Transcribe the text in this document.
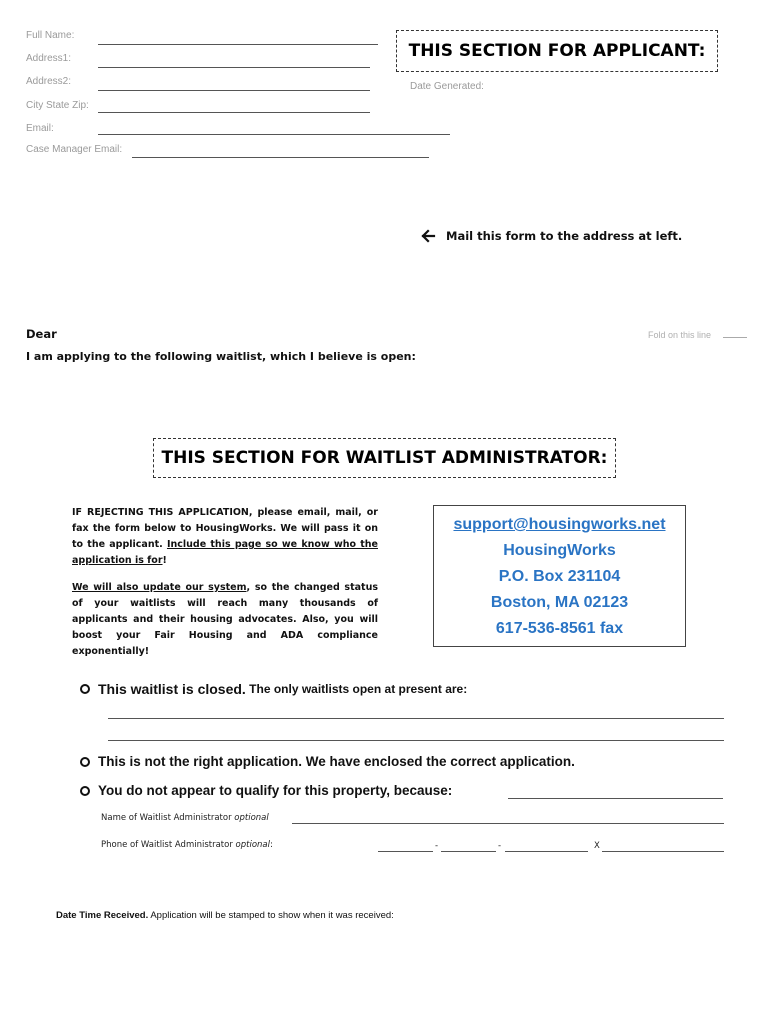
Full Name:
Address1:
Address2:
City State Zip:
Email:
Case Manager Email:
THIS SECTION FOR APPLICANT:
Date Generated:
Mail this form to the address at left.
Fold on this line
Dear
I am applying to the following waitlist, which I believe is open:
THIS SECTION FOR WAITLIST ADMINISTRATOR:
IF REJECTING THIS APPLICATION, please email, mail, or fax the form below to HousingWorks. We will pass it on to the applicant. Include this page so we know who the application is for!
We will also update our system, so the changed status of your waitlists will reach many thousands of applicants and their housing advocates. Also, you will boost your Fair Housing and ADA compliance exponentially!
support@housingworks.net
HousingWorks
P.O. Box 231104
Boston, MA 02123
617-536-8561 fax
This waitlist is closed. The only waitlists open at present are:
This is not the right application. We have enclosed the correct application.
You do not appear to qualify for this property, because:
Name of Waitlist Administrator optional
Phone of Waitlist Administrator optional:	-	-	X
Date Time Received. Application will be stamped to show when it was received:
